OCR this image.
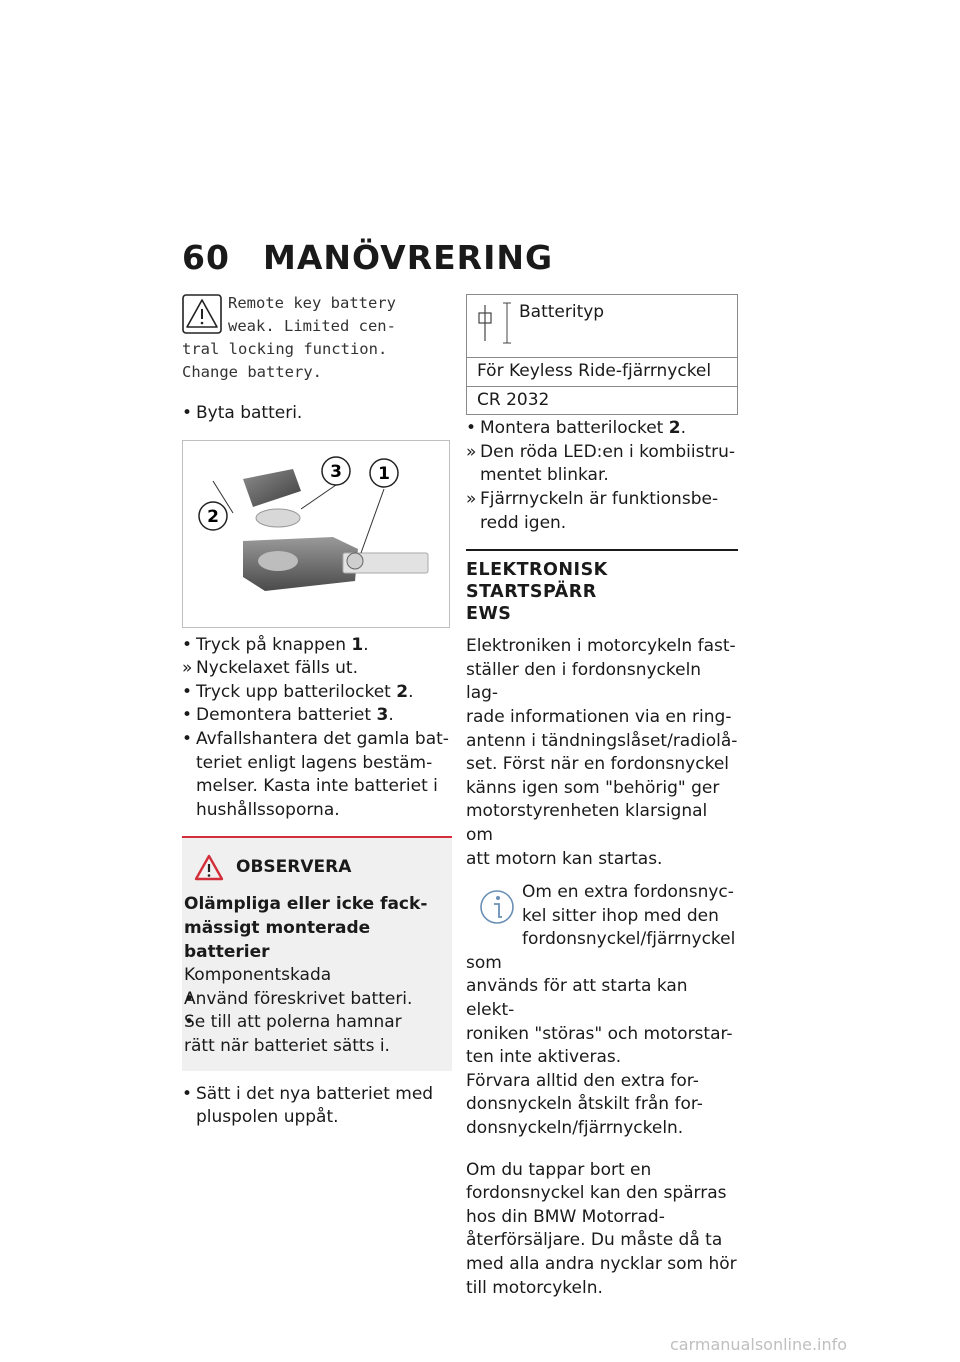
60 MANÖVRERING
Remote key battery
weak. Limited cen-
tral locking function.
Change battery.

• Byta batteri.

2
3 1

• Tryck på knappen 1.

» Nyckelaxet fälls ut.

• Tryck upp batterilocket 2.

• Demontera batteriet 3.

• Avfallshantera det gamla bat-
teriet enligt lagens bestäm-
melser. Kasta inte batteriet i
hushållssoporna.
OBSERVERA

Olämpliga eller icke fack-
mässigt monterade batterier

Komponentskada

• Använd föreskrivet batteri.

• Se till att polerna hamnar
rätt när batteriet sätts i.

• Sätt i det nya batteriet med
pluspolen uppåt.
Batterityp
För Keyless Ride-fjärrnyckel
CR 2032

• Montera batterilocket 2.

» Den röda LED:en i kombiistru-
mentet blinkar.
» Fjärrnyckeln är funktionsbe-
redd igen.
ELEKTRONISK STARTSPÄRR
EWS
Elektroniken i motorcykeln fast-
ställer den i fordonsnyckeln lag-
rade informationen via en ring-
antenn i tändningslåset/radiolå-
set. Först när en fordonsnyckel
känns igen som "behörig" ger
motorstyrenheten klarsignal om
att motorn kan startas.
Om en extra fordonsnyc-
kel sitter ihop med den
fordonsnyckel/fjärrnyckel som
används för att starta kan elekt-
roniken "störas" och motorstar-
ten inte aktiveras.
Förvara alltid den extra for-
donsnyckeln åtskilt från for-
donsnyckeln/fjärrnyckeln.
Om du tappar bort en
fordonsnyckel kan den spärras
hos din BMW Motorrad-
återförsäljare. Du måste då ta
med alla andra nycklar som hör
till motorcykeln.
carmanualsonline.info
